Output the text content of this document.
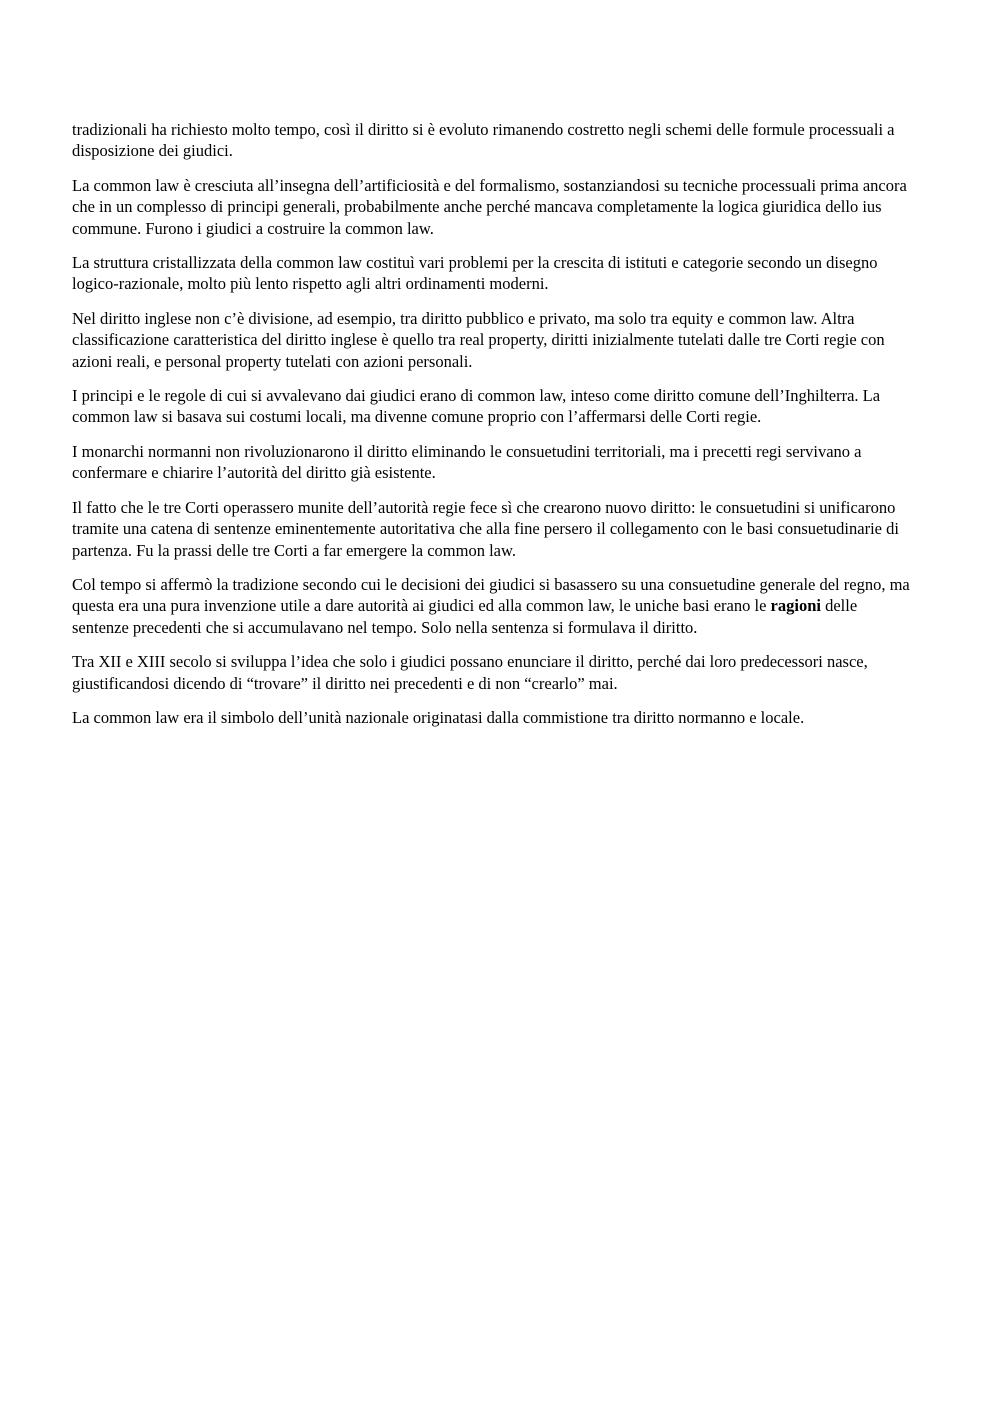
tradizionali ha richiesto molto tempo, così il diritto si è evoluto rimanendo costretto negli schemi delle formule processuali a disposizione dei giudici.

La common law è cresciuta all’insegna dell’artificiosità e del formalismo, sostanziandosi su tecniche processuali prima ancora che in un complesso di principi generali, probabilmente anche perché mancava completamente la logica giuridica dello ius commune. Furono i giudici a costruire la common law.

La struttura cristallizzata della common law costituì vari problemi per la crescita di istituti e categorie secondo un disegno logico-razionale, molto più lento rispetto agli altri ordinamenti moderni.

Nel diritto inglese non c’è divisione, ad esempio, tra diritto pubblico e privato, ma solo tra equity e common law. Altra classificazione caratteristica del diritto inglese è quello tra real property, diritti inizialmente tutelati dalle tre Corti regie con azioni reali, e personal property tutelati con azioni personali.

I principi e le regole di cui si avvalevano dai giudici erano di common law, inteso come diritto comune dell’Inghilterra. La common law si basava sui costumi locali, ma divenne comune proprio con l’affermarsi delle Corti regie.

I monarchi normanni non rivoluzionarono il diritto eliminando le consuetudini territoriali, ma i precetti regi servivano a confermare e chiarire l’autorità del diritto già esistente.

Il fatto che le tre Corti operassero munite dell’autorità regie fece sì che crearono nuovo diritto: le consuetudini si unificarono tramite una catena di sentenze eminentemente autoritativa che alla fine persero il collegamento con le basi consuetudinarie di partenza. Fu la prassi delle tre Corti a far emergere la common law.

Col tempo si affermò la tradizione secondo cui le decisioni dei giudici si basassero su una consuetudine generale del regno, ma questa era una pura invenzione utile a dare autorità ai giudici ed alla common law, le uniche basi erano le ragioni delle sentenze precedenti che si accumulavano nel tempo. Solo nella sentenza si formulava il diritto.

Tra XII e XIII secolo si sviluppa l’idea che solo i giudici possano enunciare il diritto, perché dai loro predecessori nasce, giustificandosi dicendo di “trovare” il diritto nei precedenti e di non “crearlo” mai.

La common law era il simbolo dell’unità nazionale originatasi dalla commistione tra diritto normanno e locale.
